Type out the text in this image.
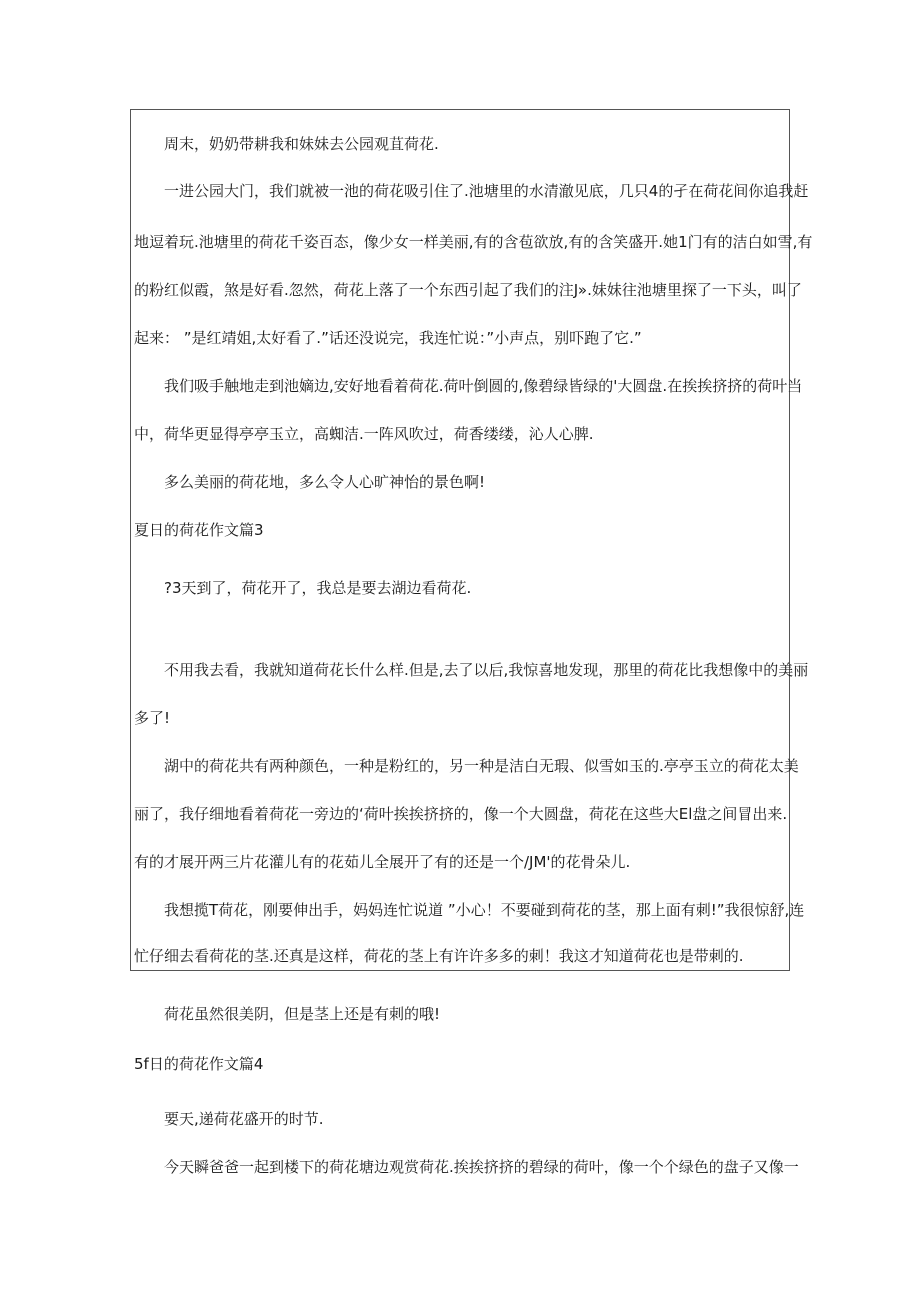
周末，奶奶带耕我和妹妹去公园观苴荷花.
一进公园大门，我们就被一池的荷花吸引住了.池塘里的水清澈见底，几只4的孑在荷花间你追我赶
地逗着玩.池塘里的荷花千姿百态，像少女一样美丽,有的含苞欲放,有的含笑盛开.她1门有的洁白如雪,有
的粉红似霞，煞是好看.忽然，荷花上落了一个东西引起了我们的注J».妹妹往池塘里探了一下头，叫了
起来： ”是红靖姐,太好看了.”话还没说完，我连忙说：”小声点，别吓跑了它.”
我们吸手触地走到池嫡边,安好地看着荷花.荷叶倒圆的,像碧绿皆绿的'大圆盘.在挨挨挤挤的荷叶当
中，荷华更显得亭亭玉立，高蜘洁.一阵风吹过，荷香缕缕，沁人心脾.
多么美丽的荷花地，多么令人心旷神怡的景色啊!
夏日的荷花作文篇3
?3天到了，荷花开了，我总是要去湖边看荷花.
不用我去看，我就知道荷花长什么样.但是,去了以后,我惊喜地发现，那里的荷花比我想像中的美丽
多了!
湖中的荷花共有两种颜色，一种是粉红的，另一种是洁白无瑕、似雪如玉的.亭亭玉立的荷花太美
丽了，我仔细地看着荷花一旁边的‘荷叶挨挨挤挤的，像一个大圆盘，荷花在这些大El盘之间冒出来.
有的才展开两三片花灌儿有的花茹儿全展开了有的还是一个/JM'的花骨朵儿.
我想揽T荷花，刚要伸出手，妈妈连忙说道 ”小心！不要碰到荷花的茎，那上面有刺!”我很惊舒,连
忙仔细去看荷花的茎.还真是这样，荷花的茎上有许许多多的刺！我这才知道荷花也是带刺的.
荷花虽然很美阴，但是茎上还是有刺的哦!
5f日的荷花作文篇4
要天,递荷花盛开的时节.
今天瞬爸爸一起到楼下的荷花塘边观赏荷花.挨挨挤挤的碧绿的荷叶，像一个个绿色的盘子又像一
